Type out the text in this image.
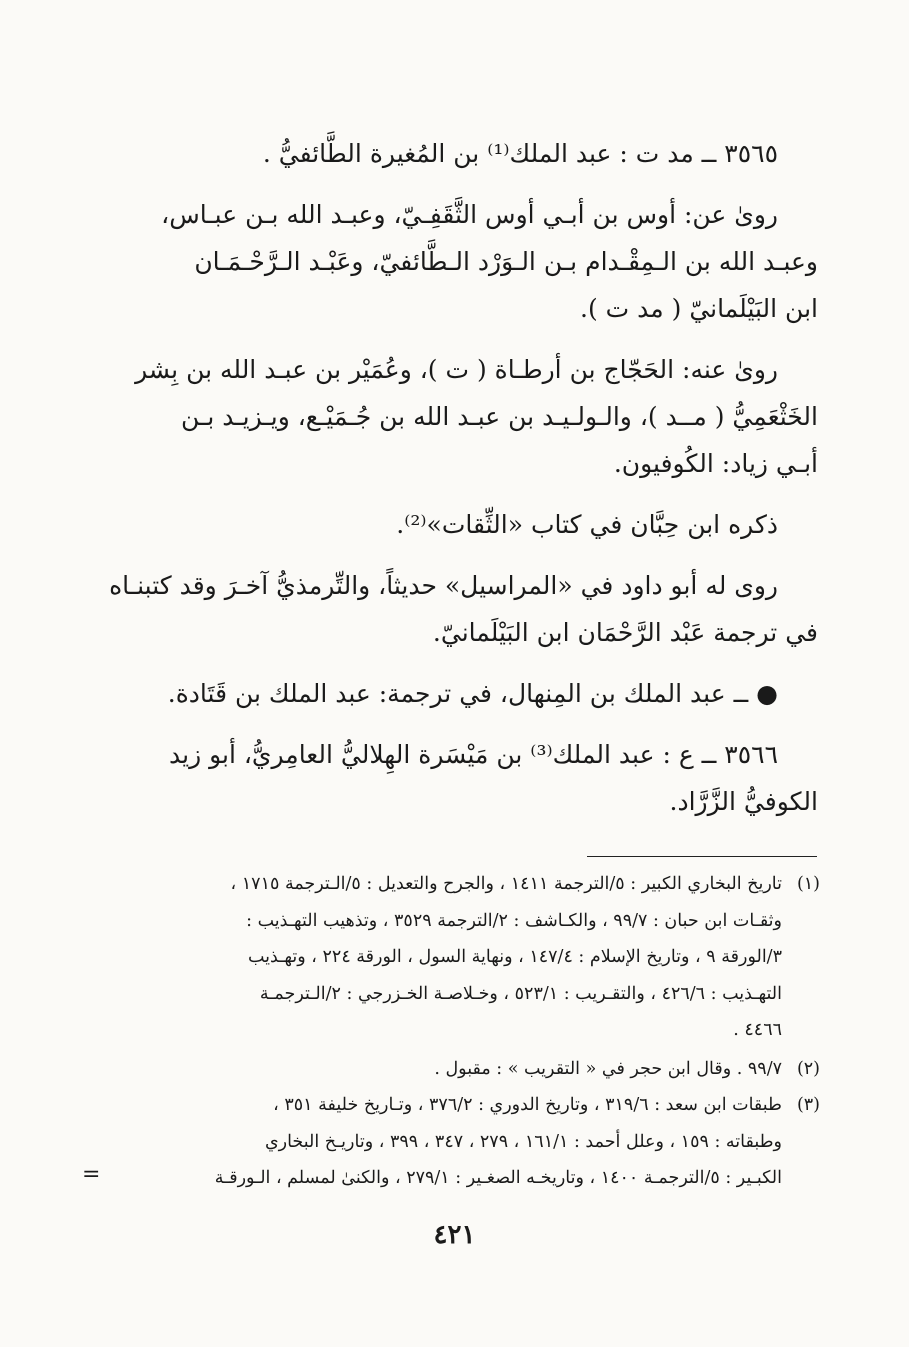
٣٥٦٥ ــ مد ت : عبد الملك⁽¹⁾ بن المُغيرة الطَّائفيُّ .
روىٰ عن: أوس بن أبـي أوس الثَّقَفِـيّ، وعبـد الله بـن عبـاس،
وعبـد الله بن الـمِقْـدام بـن الـوَرْد الـطَّائفيّ، وعَبْـد الـرَّحْـمَـان
ابن البَيْلَمانيّ ( مد ت ).
روىٰ عنه: الحَجّاج بن أرطـاة ( ت )، وعُمَيْر بن عبـد الله بن بِشر
الخَثْعَمِيُّ ( مــد )، والـولـيـد بن عبـد الله بن جُـمَيْـع، ويـزيـد بـن
أبـي زياد: الكُوفيون.
ذكره ابن حِبَّان في كتاب «الثِّقات»⁽²⁾.
روى له أبو داود في «المراسيل» حديثاً، والتِّرمذيُّ آخـرَ وقد كتبنـاه
في ترجمة عَبْد الرَّحْمَان ابن البَيْلَمانيّ.
● ــ عبد الملك بن المِنهال، في ترجمة: عبد الملك بن قَتَادة.
٣٥٦٦ ــ ع : عبد الملك⁽³⁾ بن مَيْسَرة الهِلاليُّ العامِريُّ، أبو زيد
الكوفيُّ الزَّرَّاد.
(١)
تاريخ البخاري الكبير : ٥/الترجمة ١٤١١ ، والجرح والتعديل : ٥/الـترجمة ١٧١٥ ،
وثقـات ابن حبان : ٩٩/٧ ، والكـاشف : ٢/الترجمة ٣٥٢٩ ، وتذهيب التهـذيب :
٣/الورقة ٩ ، وتاريخ الإسلام : ١٤٧/٤ ، ونهاية السول ، الورقة ٢٢٤ ، وتهـذيب
التهـذيب : ٤٢٦/٦ ، والتقـريب : ٥٢٣/١ ، وخـلاصـة الخـزرجي : ٢/الـترجمـة
٤٤٦٦ .
(٢)
٩٩/٧ . وقال ابن حجر في « التقريب » : مقبول .
(٣)
طبقات ابن سعد : ٣١٩/٦ ، وتاريخ الدوري : ٣٧٦/٢ ، وتـاريخ خليفة ٣٥١ ،
وطبقاته : ١٥٩ ، وعلل أحمد : ١٦١/١ ، ٢٧٩ ، ٣٤٧ ، ٣٩٩ ، وتاريـخ البخاري
الكبـير : ٥/الترجمـة ١٤٠٠ ، وتاريخـه الصغـير : ٢٧٩/١ ، والكنىٰ لمسلم ، الـورقـة
=
٤٢١
